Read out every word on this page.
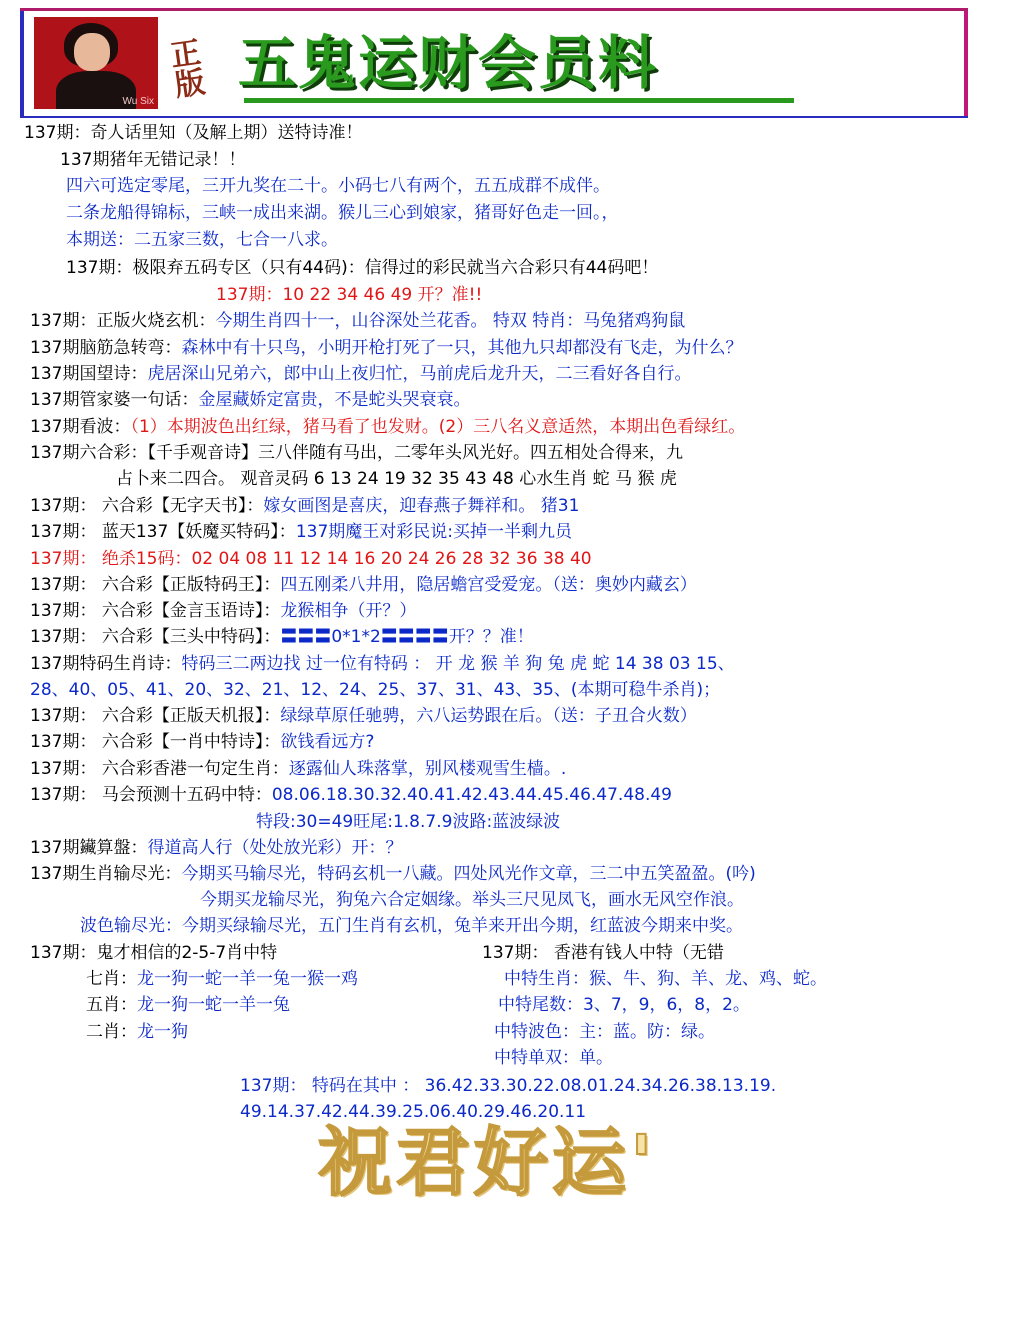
Wu Six
正版 五鬼运财会员料
137期：奇人话里知（及解上期）送特诗准！
137期猪年无错记录！！
四六可选定零尾，三开九奖在二十。小码七八有两个，五五成群不成伴。
二条龙船得锦标，三峡一成出来湖。猴儿三心到娘家，猪哥好色走一回。，
本期送：二五家三数，七合一八求。
137期：极限弃五码专区（只有44码)：信得过的彩民就当六合彩只有44码吧！
137期：10 22 34 46 49 开？准!!
137期：正版火烧玄机：今期生肖四十一，山谷深处兰花香。 特双 特肖：马兔猪鸡狗鼠
137期脑筋急转弯：森林中有十只鸟，小明开枪打死了一只，其他九只却都没有飞走，为什么？
137期国望诗：虎居深山兄弟六，郎中山上夜归忙，马前虎后龙升天，二三看好各自行。
137期管家婆一句话：金屋藏娇定富贵，不是蛇头哭衰衰。
137期看波：（1）本期波色出红绿，猪马看了也发财。(2）三八名义意适然，本期出色看绿红。
137期六合彩：【千手观音诗】三八伴随有马出，二零年头风光好。四五相处合得来，九
占卜来二四合。 观音灵码 6 13 24 19 32 35 43 48 心水生肖 蛇 马 猴 虎
137期： 六合彩【无字天书】：嫁女画图是喜庆，迎春燕子舞祥和。 猪31
137期： 蓝天137【妖魔买特码】：137期魔王对彩民说:买掉一半剩九员
137期： 绝杀15码：02 04 08 11 12 14 16 20 24 26 28 32 36 38 40
137期： 六合彩【正版特码王】：四五刚柔八井用，隐居蟾宫受爱宠。（送：奥妙内藏玄）
137期： 六合彩【金言玉语诗】：龙猴相争（开？）
137期： 六合彩【三头中特码】：〓〓〓0*1*2〓〓〓〓开？？准！
137期特码生肖诗：特码三二两边找 过一位有特码 ： 开 龙 猴 羊 狗 兔 虎 蛇 14 38 03 15、
28、40、05、41、20、32、21、12、24、25、37、31、43、35、(本期可稳牛杀肖)；
137期： 六合彩【正版天机报】：绿绿草原任驰骋，六八运势跟在后。（送：子丑合火数）
137期： 六合彩【一肖中特诗】：欲钱看远方?
137期： 六合彩香港一句定生肖：逐露仙人珠落掌，别风楼观雪生樯。.
137期： 马会预测十五码中特：08.06.18.30.32.40.41.42.43.44.45.46.47.48.49
特段:30=49旺尾:1.8.7.9波路:蓝波绿波
137期鑶算盤：得道高人行（处处放光彩）开：？
137期生肖输尽光：今期买马输尽光，特码玄机一八藏。四处风光作文章，三二中五笑盈盈。(吟)
今期买龙输尽光，狗兔六合定姻缘。举头三尺见凤飞，画水无风空作浪。
波色输尽光：今期买绿输尽光，五门生肖有玄机，兔羊来开出今期，红蓝波今期来中奖。
137期：鬼才相信的2-5-7肖中特	137期： 香港有钱人中特（无错
七肖：龙一狗一蛇一羊一兔一猴一鸡	中特生肖：猴、牛、狗、羊、龙、鸡、蛇。
五肖：龙一狗一蛇一羊一兔	中特尾数：3、7，9，6，8，2。
二肖：龙一狗	中特波色：主：蓝。防：绿。
中特单双：单。
137期： 特码在其中 ： 36.42.33.30.22.08.01.24.34.26.38.13.19.
49.14.37.42.44.39.25.06.40.29.46.20.11
祝君好运'
